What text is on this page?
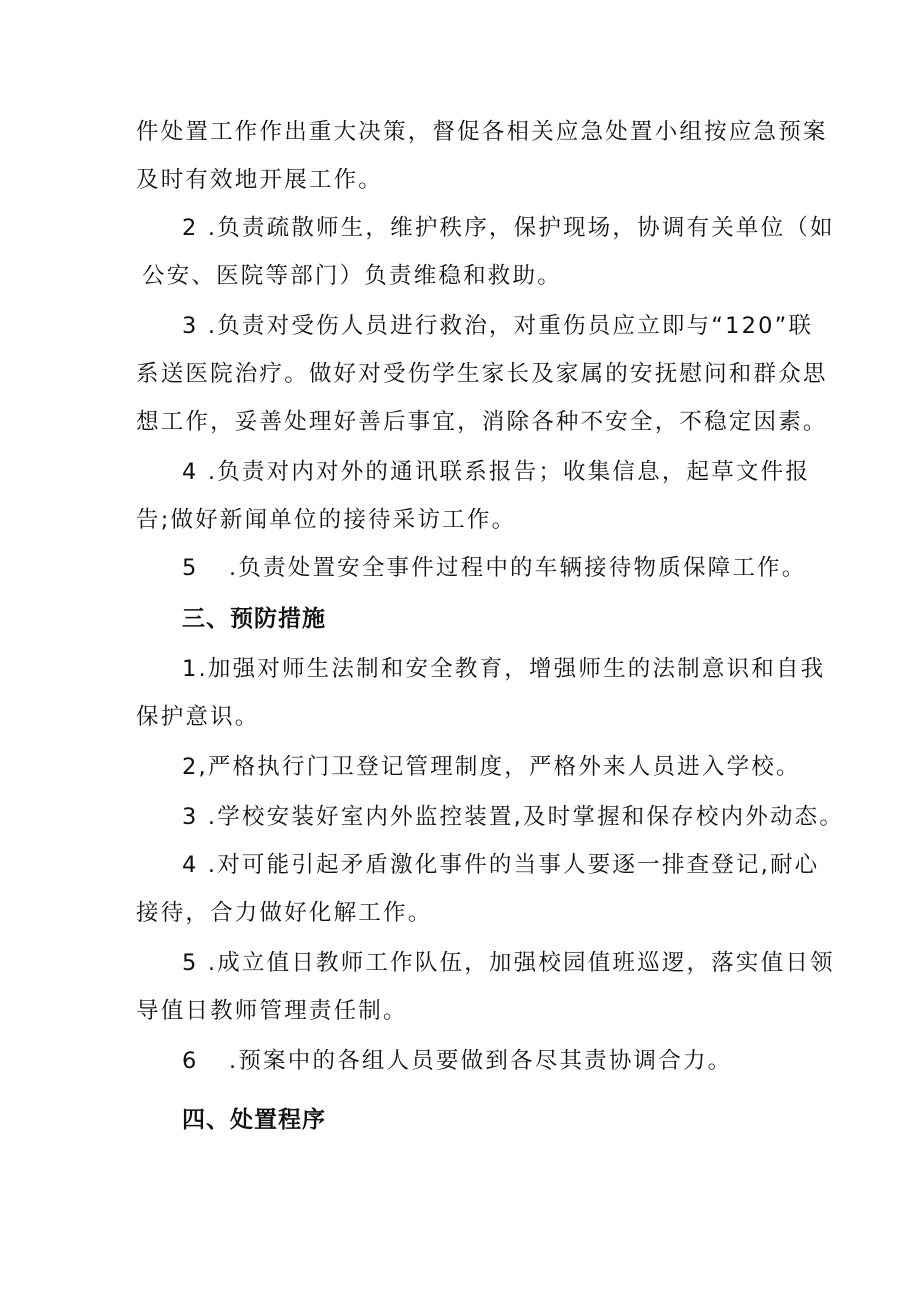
件处置工作作出重大决策，督促各相关应急处置小组按应急预案
及时有效地开展工作。
2 .负责疏散师生，维护秩序，保护现场，协调有关单位（如
公安、医院等部门）负责维稳和救助。
3 .负责对受伤人员进行救治，对重伤员应立即与“120”联
系送医院治疗。做好对受伤学生家长及家属的安抚慰问和群众思
想工作，妥善处理好善后事宜，消除各种不安全，不稳定因素。
4 .负责对内对外的通讯联系报告；收集信息，起草文件报
告;做好新闻单位的接待采访工作。
5 .负责处置安全事件过程中的车辆接待物质保障工作。
三、预防措施
1.加强对师生法制和安全教育，增强师生的法制意识和自我
保护意识。
2,严格执行门卫登记管理制度，严格外来人员进入学校。
3 .学校安装好室内外监控装置,及时掌握和保存校内外动态。
4 .对可能引起矛盾激化事件的当事人要逐一排查登记,耐心
接待，合力做好化解工作。
5 .成立值日教师工作队伍，加强校园值班巡逻，落实值日领
导值日教师管理责任制。
6 .预案中的各组人员要做到各尽其责协调合力。
四、处置程序
